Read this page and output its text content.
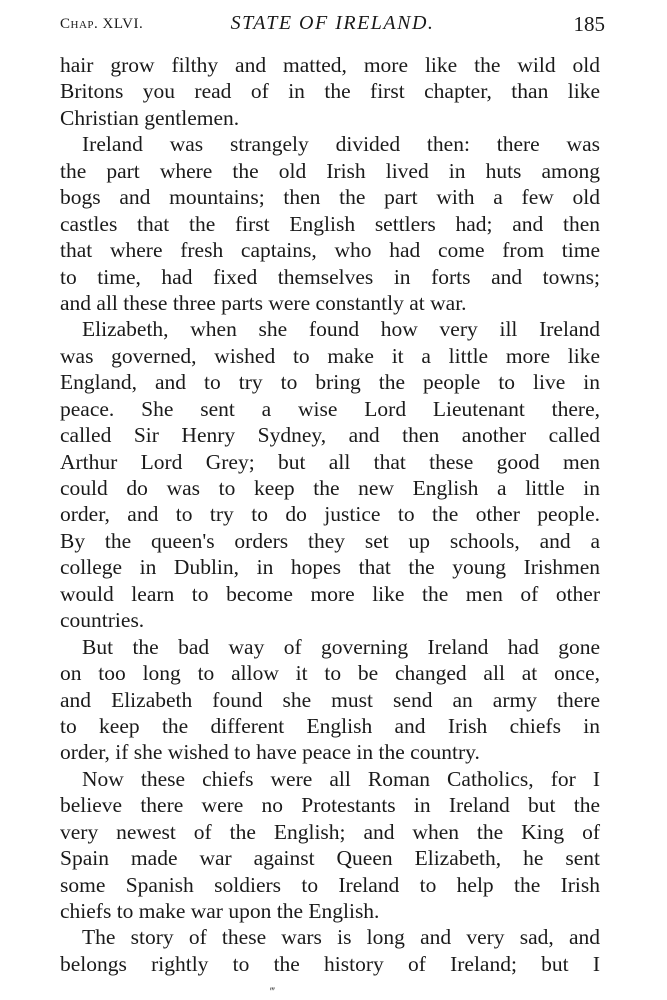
Chap. XLVI.	STATE OF IRELAND.	185
hair grow filthy and matted, more like the wild old
Britons you read of in the first chapter, than like
Christian gentlemen.
Ireland was strangely divided then: there was
the part where the old Irish lived in huts among
bogs and mountains; then the part with a few old
castles that the first English settlers had; and then
that where fresh captains, who had come from time
to time, had fixed themselves in forts and towns;
and all these three parts were constantly at war.
Elizabeth, when she found how very ill Ireland
was governed, wished to make it a little more like
England, and to try to bring the people to live in
peace. She sent a wise Lord Lieutenant there,
called Sir Henry Sydney, and then another called
Arthur Lord Grey; but all that these good men
could do was to keep the new English a little in
order, and to try to do justice to the other people.
By the queen's orders they set up schools, and a
college in Dublin, in hopes that the young Irishmen
would learn to become more like the men of other
countries.
But the bad way of governing Ireland had gone
on too long to allow it to be changed all at once,
and Elizabeth found she must send an army there
to keep the different English and Irish chiefs in
order, if she wished to have peace in the country.
Now these chiefs were all Roman Catholics, for I
believe there were no Protestants in Ireland but the
very newest of the English; and when the King of
Spain made war against Queen Elizabeth, he sent
some Spanish soldiers to Ireland to help the Irish
chiefs to make war upon the English.
The story of these wars is long and very sad, and
belongs rightly to the history of Ireland; but I
‴
